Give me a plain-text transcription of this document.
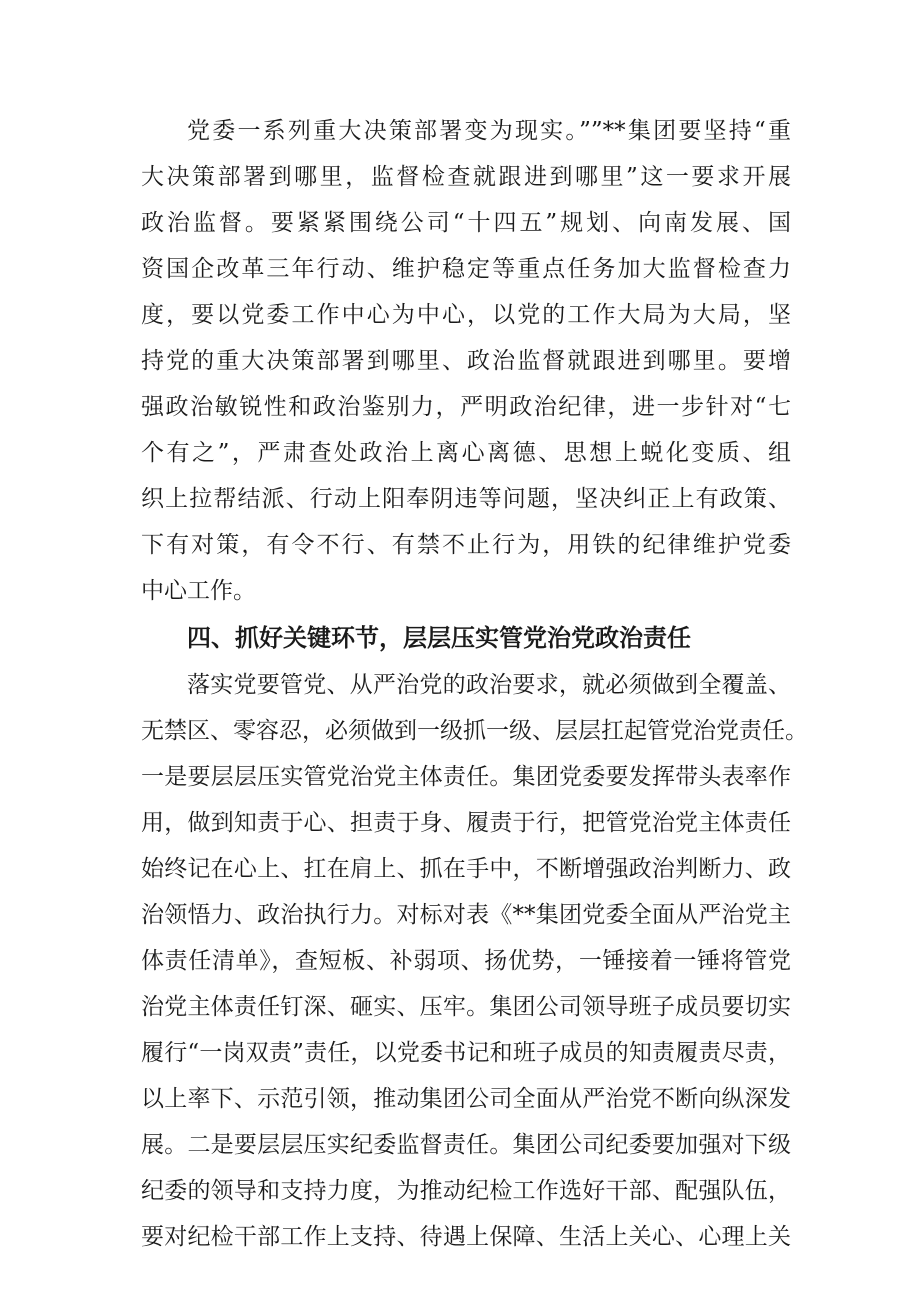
党委一系列重大决策部署变为现实。””**集团要坚持“重
大决策部署到哪里，监督检查就跟进到哪里”这一要求开展
政治监督。要紧紧围绕公司“十四五”规划、向南发展、国
资国企改革三年行动、维护稳定等重点任务加大监督检查力
度，要以党委工作中心为中心，以党的工作大局为大局，坚
持党的重大决策部署到哪里、政治监督就跟进到哪里。要增
强政治敏锐性和政治鉴别力，严明政治纪律，进一步针对“七
个有之”，严肃查处政治上离心离德、思想上蜕化变质、组
织上拉帮结派、行动上阳奉阴违等问题，坚决纠正上有政策、
下有对策，有令不行、有禁不止行为，用铁的纪律维护党委
中心工作。
四、抓好关键环节，层层压实管党治党政治责任
落实党要管党、从严治党的政治要求，就必须做到全覆盖、
无禁区、零容忍，必须做到一级抓一级、层层扛起管党治党责任。
一是要层层压实管党治党主体责任。集团党委要发挥带头表率作
用，做到知责于心、担责于身、履责于行，把管党治党主体责任
始终记在心上、扛在肩上、抓在手中，不断增强政治判断力、政
治领悟力、政治执行力。对标对表《**集团党委全面从严治党主
体责任清单》，查短板、补弱项、扬优势，一锤接着一锤将管党
治党主体责任钉深、砸实、压牢。集团公司领导班子成员要切实
履行“一岗双责”责任，以党委书记和班子成员的知责履责尽责，
以上率下、示范引领，推动集团公司全面从严治党不断向纵深发
展。二是要层层压实纪委监督责任。集团公司纪委要加强对下级
纪委的领导和支持力度，为推动纪检工作选好干部、配强队伍，
要对纪检干部工作上支持、待遇上保障、生活上关心、心理上关
